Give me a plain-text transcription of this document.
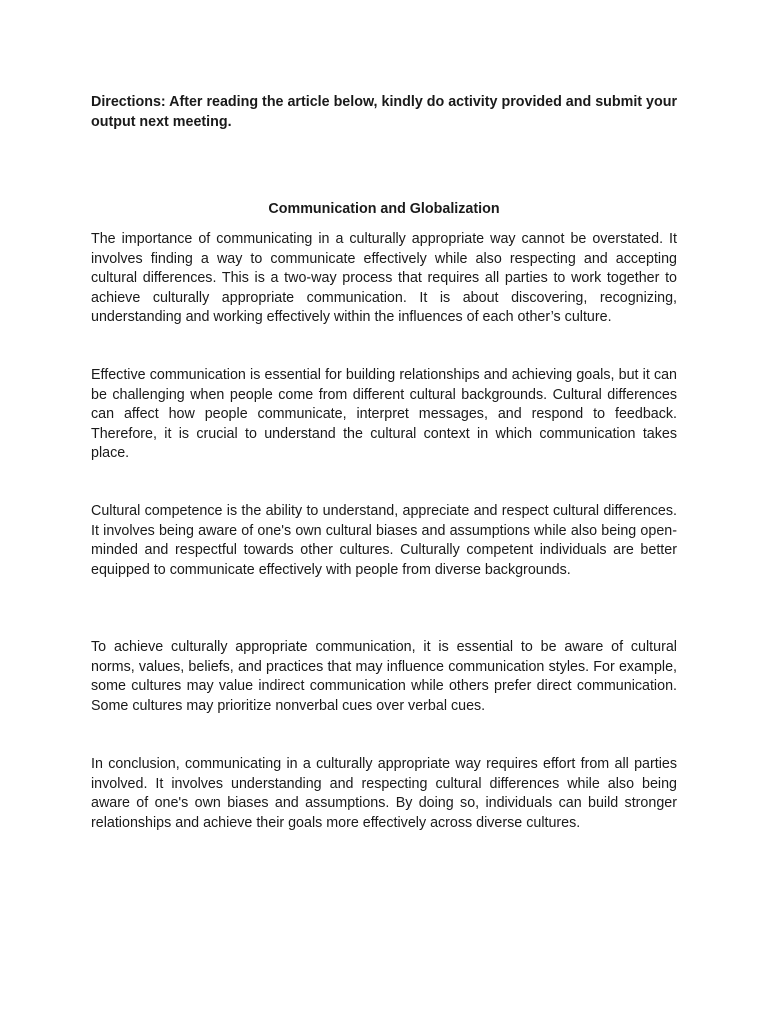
Directions: After reading the article below, kindly do activity provided and submit your output next meeting.

Communication and Globalization

The importance of communicating in a culturally appropriate way cannot be overstated. It involves finding a way to communicate effectively while also respecting and accepting cultural differences. This is a two-way process that requires all parties to work together to achieve culturally appropriate communication. It is about discovering, recognizing, understanding and working effectively within the influences of each other’s culture.

Effective communication is essential for building relationships and achieving goals, but it can be challenging when people come from different cultural backgrounds. Cultural differences can affect how people communicate, interpret messages, and respond to feedback. Therefore, it is crucial to understand the cultural context in which communication takes place.

Cultural competence is the ability to understand, appreciate and respect cultural differences. It involves being aware of one's own cultural biases and assumptions while also being open-minded and respectful towards other cultures. Culturally competent individuals are better equipped to communicate effectively with people from diverse backgrounds.

To achieve culturally appropriate communication, it is essential to be aware of cultural norms, values, beliefs, and practices that may influence communication styles. For example, some cultures may value indirect communication while others prefer direct communication. Some cultures may prioritize nonverbal cues over verbal cues.

In conclusion, communicating in a culturally appropriate way requires effort from all parties involved. It involves understanding and respecting cultural differences while also being aware of one's own biases and assumptions. By doing so, individuals can build stronger relationships and achieve their goals more effectively across diverse cultures.
